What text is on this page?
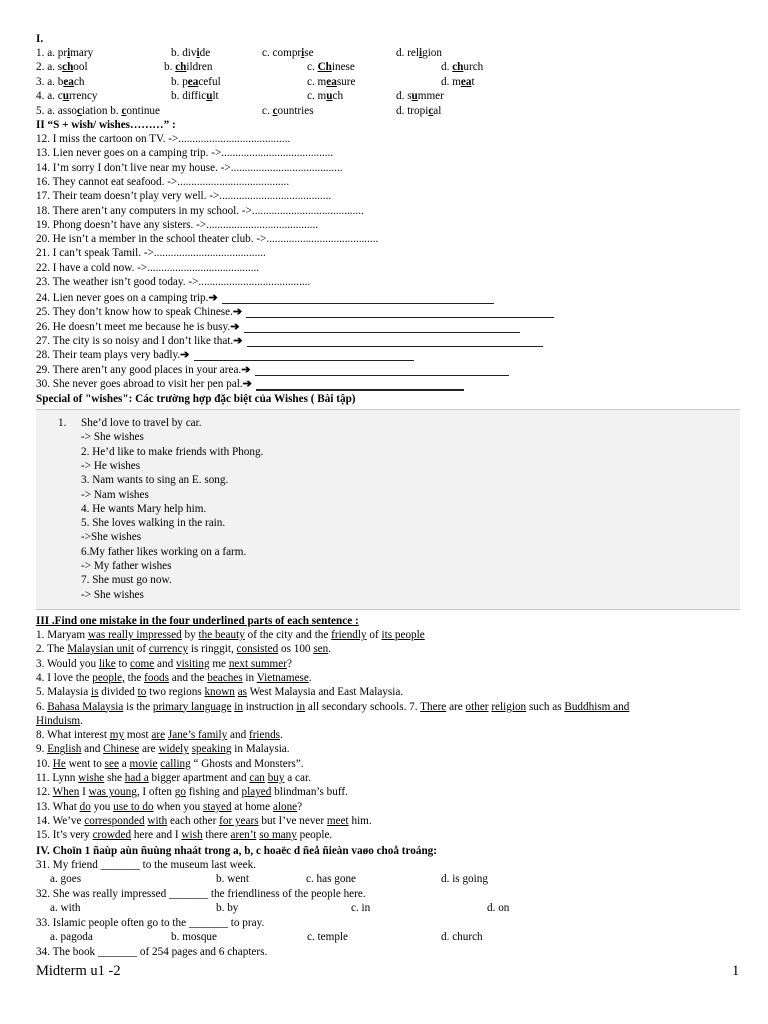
I.
1. a. primary	b. divide	c. comprise	d. religion
2. a. school	b. children	c. Chinese	d. church
3. a. beach	b. peaceful	c. measure	d. meat
4. a. currency	b. difficult	c. much	d. summer
5. a. association b. continue	c. countries	d. tropical
II “S + wish/ wishes………” :
12. I miss the cartoon on TV. ->........................................
13. Lien never goes on a camping trip. ->........................................
14. I’m sorry I don’t live near my house. ->........................................
16. They cannot eat seafood. ->........................................
17. Their team doesn’t play very well. ->........................................
18. There aren’t any computers in my school. ->........................................
19. Phong doesn’t have any sisters. ->........................................
20. He isn’t a member in the school theater club. ->........................................
21. I can’t speak Tamil. ->........................................
22. I have a cold now. ->........................................
23. The weather isn’t good today. ->........................................
24. Lien never goes on a camping trip.➔
25. They don’t know how to speak Chinese.➔
26. He doesn’t meet me because he is busy.➔
27. The city is so noisy and I don’t like that.➔
28. Their team plays very badly.➔
29. There aren’t any good places in your area.➔
30. She never goes abroad to visit her pen pal.➔
Special of "wishes": Các trường hợp đặc biệt của Wishes ( Bài tập)
1. She’d love to travel by car.
-> She wishes
2. He’d like to make friends with Phong.
-> He wishes
3. Nam wants to sing an E. song.
-> Nam wishes
4. He wants Mary help him.
5. She loves walking in the rain.
->She wishes
6.My father likes working on a farm.
-> My father wishes
7. She must go now.
-> She wishes
III .Find one mistake in the four underlined parts of each sentence :
1. Maryam was really impressed by the beauty of the city and the friendly of its people
2. The Malaysian unit of currency is ringgit, consisted os 100 sen.
3. Would you like to come and visiting me next summer?
4. I love the people, the foods and the beaches in Vietnamese.
5. Malaysia is divided to two regions known as West Malaysia and East Malaysia.
6. Bahasa Malaysia is the primary language in instruction in all secondary schools. 7. There are other religion such as Buddhism and
Hinduism.
8. What interest my most are Jane’s family and friends.
9. English and Chinese are widely speaking in Malaysia.
10. He went to see a movie calling “ Ghosts and Monsters”.
11. Lynn wishe she had a bigger apartment and can buy a car.
12. When I was young, I often go fishing and played blindman’s buff.
13. What do you use to do when you stayed at home alone?
14. We’ve corresponded with each other for years but I’ve never meet him.
15. It’s very crowded here and I wish there aren’t so many people.
IV. Choïn 1 ñaùp aùn ñuùng nhaát trong a, b, c hoaëc d ñeå ñieàn vaøo choå troáng:
31. My friend _______ to the museum last week.
a. goes	b. went	c. has gone	d. is going
32. She was really impressed _______ the friendliness of the people here.
a. with	b. by	c. in	d. on
33. Islamic people often go to the _______ to pray.
a. pagoda	b. mosque	c. temple	d. church
34. The book _______ of 254 pages and 6 chapters.
Midterm u1 -2	1
